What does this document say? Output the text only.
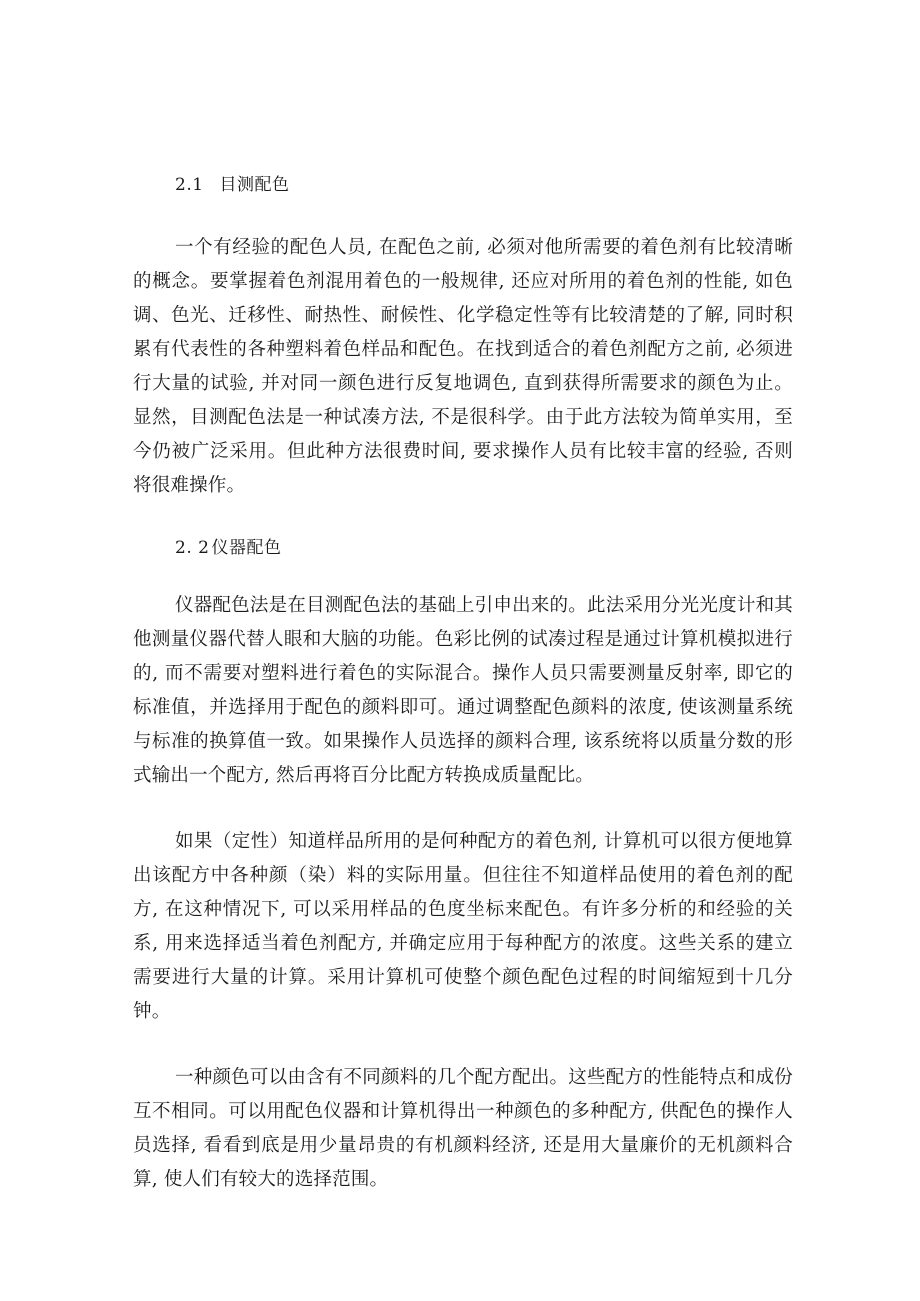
2.1 目测配色

一个有经验的配色人员, 在配色之前, 必须对他所需要的着色剂有比较清晰的概念。要掌握着色剂混用着色的一般规律, 还应对所用的着色剂的性能, 如色调、色光、迁移性、耐热性、耐候性、化学稳定性等有比较清楚的了解, 同时积累有代表性的各种塑料着色样品和配色。在找到适合的着色剂配方之前, 必须进行大量的试验, 并对同一颜色进行反复地调色, 直到获得所需要求的颜色为止。显然，目测配色法是一种试凑方法, 不是很科学。由于此方法较为简单实用，至今仍被广泛采用。但此种方法很费时间, 要求操作人员有比较丰富的经验, 否则将很难操作。

2. 2 仪器配色

仪器配色法是在目测配色法的基础上引申出来的。此法采用分光光度计和其他测量仪器代替人眼和大脑的功能。色彩比例的试凑过程是通过计算机模拟进行的, 而不需要对塑料进行着色的实际混合。操作人员只需要测量反射率, 即它的标准值，并选择用于配色的颜料即可。通过调整配色颜料的浓度, 使该测量系统与标准的换算值一致。如果操作人员选择的颜料合理, 该系统将以质量分数的形式输出一个配方, 然后再将百分比配方转换成质量配比。

如果（定性）知道样品所用的是何种配方的着色剂, 计算机可以很方便地算出该配方中各种颜（染）料的实际用量。但往往不知道样品使用的着色剂的配方, 在这种情况下, 可以采用样品的色度坐标来配色。有许多分析的和经验的关系, 用来选择适当着色剂配方, 并确定应用于每种配方的浓度。这些关系的建立需要进行大量的计算。采用计算机可使整个颜色配色过程的时间缩短到十几分钟。

一种颜色可以由含有不同颜料的几个配方配出。这些配方的性能特点和成份互不相同。可以用配色仪器和计算机得出一种颜色的多种配方, 供配色的操作人员选择, 看看到底是用少量昂贵的有机颜料经济, 还是用大量廉价的无机颜料合算, 使人们有较大的选择范围。
